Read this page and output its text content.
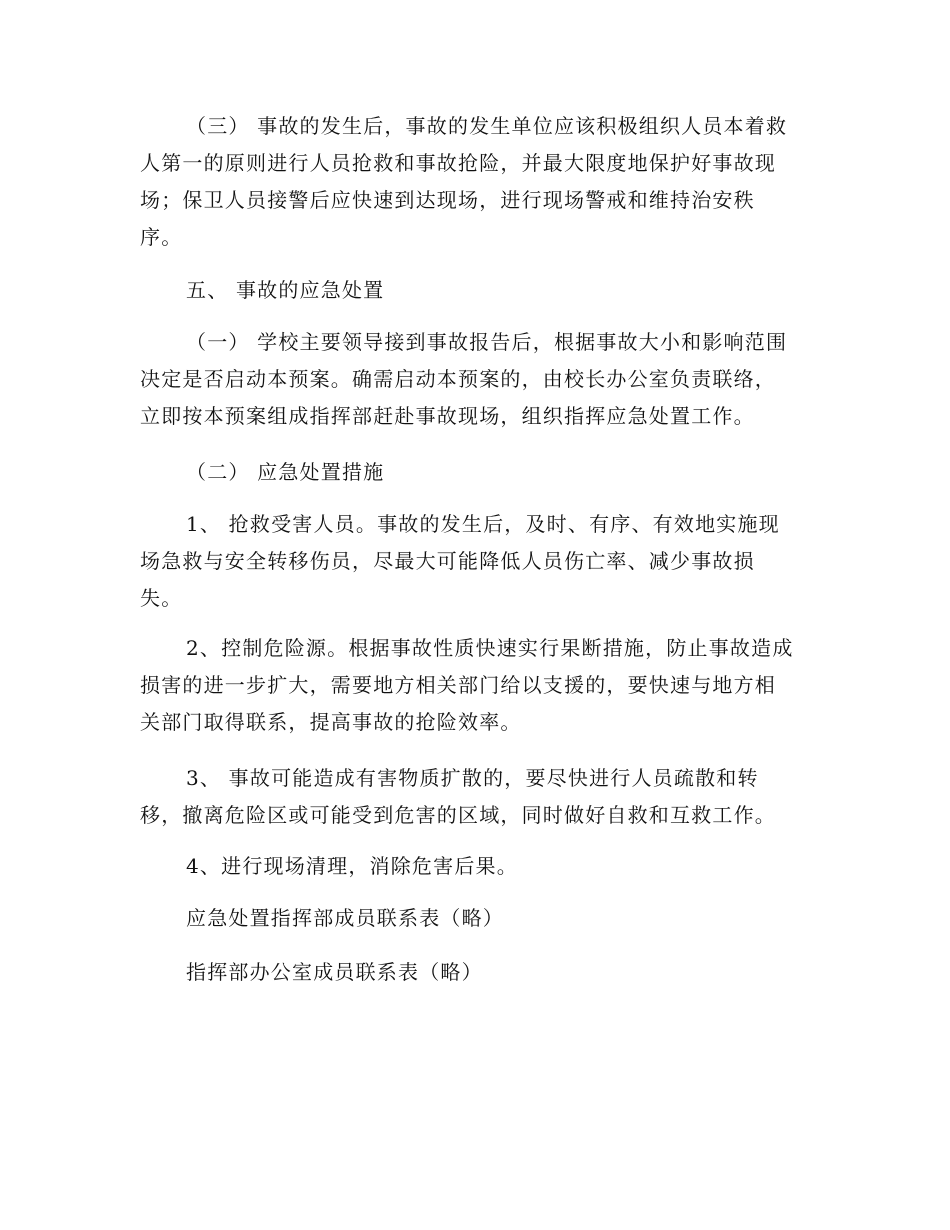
（三） 事故的发生后，事故的发生单位应该积极组织人员本着救
人第一的原则进行人员抢救和事故抢险，并最大限度地保护好事故现
场；保卫人员接警后应快速到达现场，进行现场警戒和维持治安秩
序。
五、 事故的应急处置
（一） 学校主要领导接到事故报告后，根据事故大小和影响范围
决定是否启动本预案。确需启动本预案的，由校长办公室负责联络，
立即按本预案组成指挥部赶赴事故现场，组织指挥应急处置工作。
（二） 应急处置措施
1、 抢救受害人员。事故的发生后，及时、有序、有效地实施现
场急救与安全转移伤员，尽最大可能降低人员伤亡率、减少事故损
失。
2、控制危险源。根据事故性质快速实行果断措施，防止事故造成
损害的进一步扩大，需要地方相关部门给以支援的，要快速与地方相
关部门取得联系，提高事故的抢险效率。
3、 事故可能造成有害物质扩散的，要尽快进行人员疏散和转
移，撤离危险区或可能受到危害的区域，同时做好自救和互救工作。
4、进行现场清理，消除危害后果。
应急处置指挥部成员联系表（略）
指挥部办公室成员联系表（略）
